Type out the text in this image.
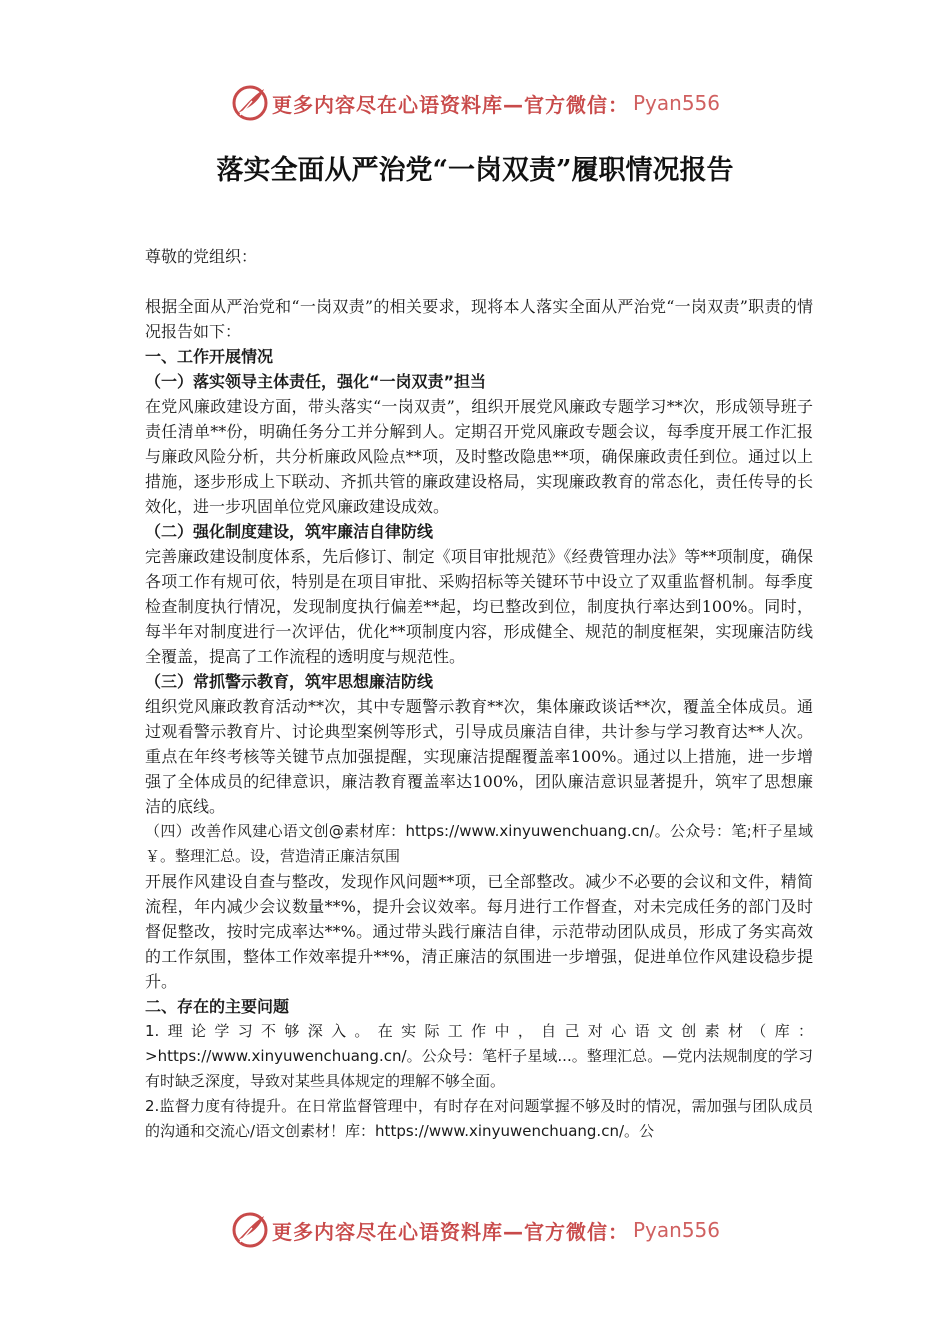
更多内容尽在心语资料库—官方微信： Pyan556
落实全面从严治党“一岗双责”履职情况报告

尊敬的党组织：

根据全面从严治党和“一岗双责”的相关要求，现将本人落实全面从严治党“一岗双责”职责的情况报告如下：

一、工作开展情况

（一）落实领导主体责任，强化“一岗双责”担当

在党风廉政建设方面，带头落实“一岗双责”，组织开展党风廉政专题学习**次，形成领导班子责任清单**份，明确任务分工并分解到人。定期召开党风廉政专题会议，每季度开展工作汇报与廉政风险分析，共分析廉政风险点**项，及时整改隐患**项，确保廉政责任到位。通过以上措施，逐步形成上下联动、齐抓共管的廉政建设格局，实现廉政教育的常态化，责任传导的长效化，进一步巩固单位党风廉政建设成效。

（二）强化制度建设，筑牢廉洁自律防线

完善廉政建设制度体系，先后修订、制定《项目审批规范》《经费管理办法》等**项制度，确保各项工作有规可依，特别是在项目审批、采购招标等关键环节中设立了双重监督机制。每季度检查制度执行情况，发现制度执行偏差**起，均已整改到位，制度执行率达到100%。同时，每半年对制度进行一次评估，优化**项制度内容，形成健全、规范的制度框架，实现廉洁防线全覆盖，提高了工作流程的透明度与规范性。

（三）常抓警示教育，筑牢思想廉洁防线

组织党风廉政教育活动**次，其中专题警示教育**次，集体廉政谈话**次，覆盖全体成员。通过观看警示教育片、讨论典型案例等形式，引导成员廉洁自律，共计参与学习教育达**人次。重点在年终考核等关键节点加强提醒，实现廉洁提醒覆盖率100%。通过以上措施，进一步增强了全体成员的纪律意识，廉洁教育覆盖率达100%，团队廉洁意识显著提升，筑牢了思想廉洁的底线。

（四）改善作风建心语文创@素材库：https://www.xinyuwenchuang.cn/。公众号：笔;杆子星域￥。整理汇总。设，营造清正廉洁氛围

开展作风建设自查与整改，发现作风问题**项，已全部整改。减少不必要的会议和文件，精简流程，年内减少会议数量**%，提升会议效率。每月进行工作督查，对未完成任务的部门及时督促整改，按时完成率达**%。通过带头践行廉洁自律，示范带动团队成员，形成了务实高效的工作氛围，整体工作效率提升**%，清正廉洁的氛围进一步增强，促进单位作风建设稳步提升。

二、存在的主要问题

1.理论学习不够深入。在实际工作中，自己对心语文创素材（库：>https://www.xinyuwenchuang.cn/。公众号：笔杆子星域...。整理汇总。—党内法规制度的学习有时缺乏深度，导致对某些具体规定的理解不够全面。

2.监督力度有待提升。在日常监督管理中，有时存在对问题掌握不够及时的情况，需加强与团队成员的沟通和交流心/语文创素材！库：https://www.xinyuwenchuang.cn/。公

更多内容尽在心语资料库—官方微信： Pyan556
